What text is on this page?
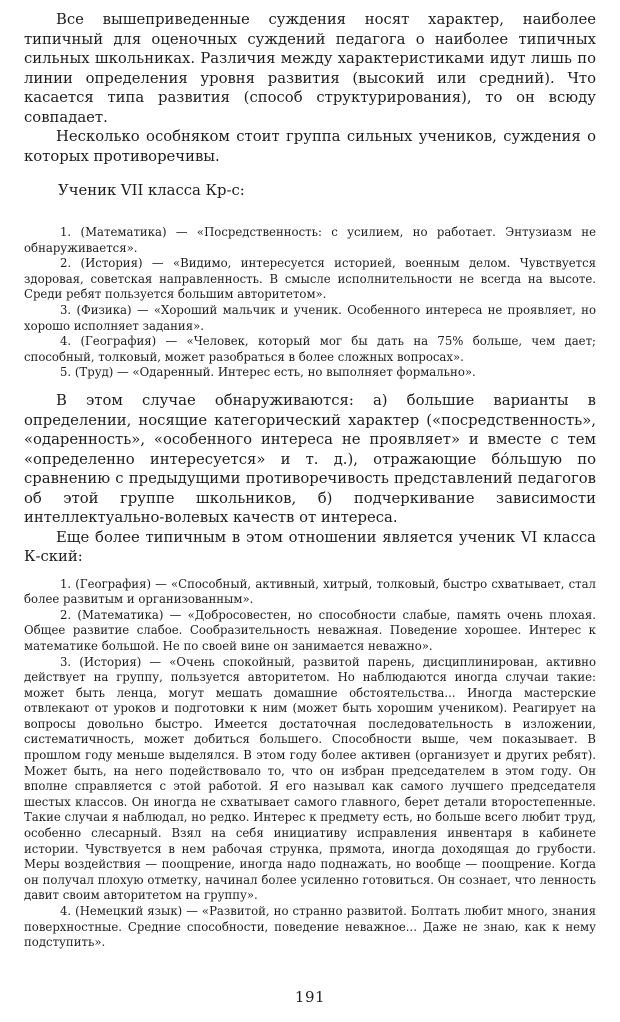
Все вышеприведенные суждения носят характер, наиболее типичный для оценочных суждений педагога о наиболее типичных сильных школьниках. Различия между характеристиками идут лишь по линии определения уровня развития (высокий или средний). Что касается типа развития (способ структурирования), то он всюду совпадает.

Несколько особняком стоит группа сильных учеников, суждения о которых противоречивы.

Ученик VII класса Кр-с:

1. (Математика) — «Посредственность: с усилием, но работает. Энтузиазм не обнаруживается».

2. (История) — «Видимо, интересуется историей, военным делом. Чувствуется здоровая, советская направленность. В смысле исполнительности не всегда на высоте. Среди ребят пользуется большим авторитетом».

3. (Физика) — «Хороший мальчик и ученик. Особенного интереса не проявляет, но хорошо исполняет задания».

4. (География) — «Человек, который мог бы дать на 75% больше, чем дает; способный, толковый, может разобраться в более сложных вопросах».

5. (Труд) — «Одаренный. Интерес есть, но выполняет формально».

В этом случае обнаруживаются: а) большие варианты в определении, носящие категорический характер («посредственность», «одаренность», «особенного интереса не проявляет» и вместе с тем «определенно интересуется» и т. д.), отражающие бо́льшую по сравнению с предыдущими противоречивость представлений педагогов об этой группе школьников, б) подчеркивание зависимости интеллектуально-волевых качеств от интереса.

Еще более типичным в этом отношении является ученик VI класса К-ский:

1. (География) — «Способный, активный, хитрый, толковый, быстро схватывает, стал более развитым и организованным».

2. (Математика) — «Добросовестен, но способности слабые, память очень плохая. Общее развитие слабое. Сообразительность неважная. Поведение хорошее. Интерес к математике большой. Не по своей вине он занимается неважно».

3. (История) — «Очень спокойный, развитой парень, дисциплинирован, активно действует на группу, пользуется авторитетом. Но наблюдаются иногда случаи такие: может быть ленца, могут мешать домашние обстоятельства... Иногда мастерские отвлекают от уроков и подготовки к ним (может быть хорошим учеником). Реагирует на вопросы довольно быстро. Имеется достаточная последовательность в изложении, систематичность, может добиться большего. Способности выше, чем показывает. В прошлом году меньше выделялся. В этом году более активен (организует и других ребят). Может быть, на него подействовало то, что он избран председателем в этом году. Он вполне справляется с этой работой. Я его называл как самого лучшего председателя шестых классов. Он иногда не схватывает самого главного, берет детали второстепенные. Такие случаи я наблюдал, но редко. Интерес к предмету есть, но больше всего любит труд, особенно слесарный. Взял на себя инициативу исправления инвентаря в кабинете истории. Чувствуется в нем рабочая струнка, прямота, иногда доходящая до грубости. Меры воздействия — поощрение, иногда надо поднажать, но вообще — поощрение. Когда он получал плохую отметку, начинал более усиленно готовиться. Он сознает, что ленность давит своим авторитетом на группу».

4. (Немецкий язык) — «Развитой, но странно развитой. Болтать любит много, знания поверхностные. Средние способности, поведение неважное... Даже не знаю, как к нему подступить».

191
